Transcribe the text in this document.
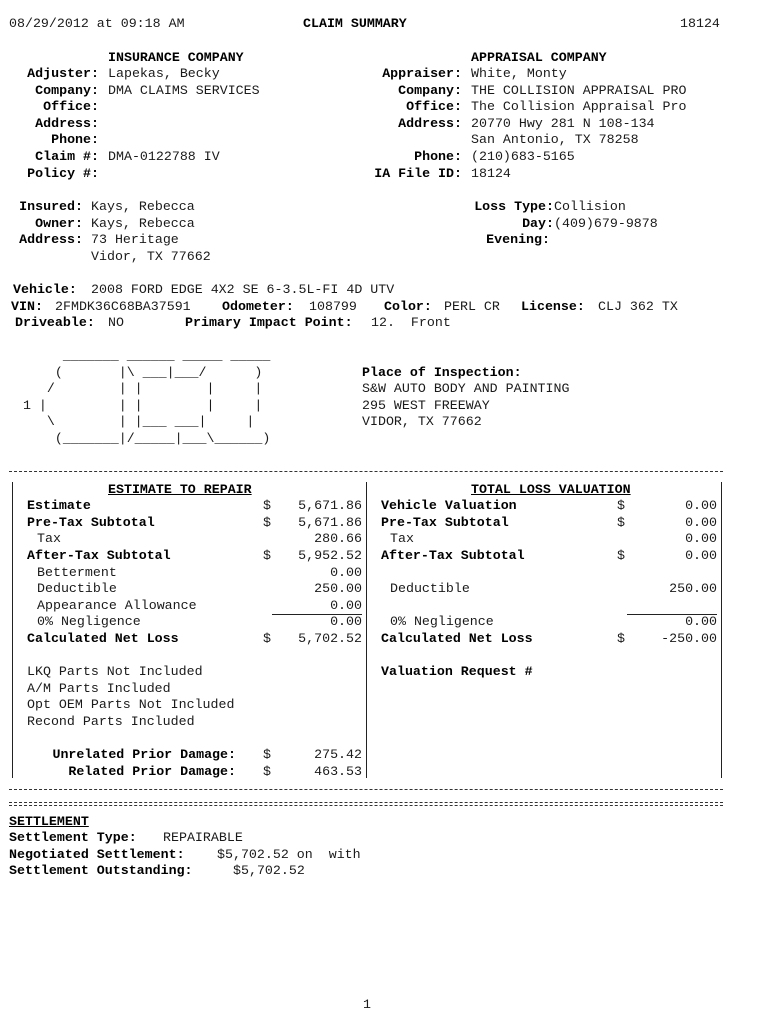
08/29/2012 at 09:18 AM	CLAIM SUMMARY	18124
INSURANCE COMPANY
Adjuster: Lapekas, Becky
Company: DMA CLAIMS SERVICES
Office:
Address:
Phone:
Claim #: DMA-0122788 IV
Policy #:
APPRAISAL COMPANY
Appraiser: White, Monty
Company: THE COLLISION APPRAISAL PRO
Office: The Collision Appraisal Pro
Address: 20770 Hwy 281 N 108-134
San Antonio, TX 78258
Phone: (210)683-5165
IA File ID: 18124
Insured: Kays, Rebecca
Owner: Kays, Rebecca
Address: 73 Heritage
Vidor, TX 77662
Loss Type: Collision
Day: (409)679-9878
Evening:
Vehicle: 2008 FORD EDGE 4X2 SE 6-3.5L-FI 4D UTV
VIN: 2FMDK36C68BA37591 Odometer: 108799 Color: PERL CR License: CLJ 362 TX
Driveable: NO	Primary Impact Point: 12.  Front
_______ ______ _____ _____
(       |\ ___|___/      )
/        | |        |     |
1 |         | |        |     |
\        | |___ ___|     |
(_______|/_____|___\______)
Place of Inspection:
S&W AUTO BODY AND PAINTING
295 WEST FREEWAY
VIDOR, TX 77662
ESTIMATE TO REPAIR
Estimate	$	5,671.86
Pre-Tax Subtotal	$	5,671.86
Tax	280.66
After-Tax Subtotal	$	5,952.52
Betterment	0.00
Deductible	250.00
Appearance Allowance	0.00
0% Negligence	0.00
Calculated Net Loss	$	5,702.52
LKQ Parts Not Included
A/M Parts Included
Opt OEM Parts Not Included
Recond Parts Included
Unrelated Prior Damage: $	275.42
Related Prior Damage: $	463.53
TOTAL LOSS VALUATION
Vehicle Valuation	$	0.00
Pre-Tax Subtotal	$	0.00
Tax	0.00
After-Tax Subtotal	$	0.00
Deductible	250.00
0% Negligence	0.00
Calculated Net Loss	$	-250.00
Valuation Request #
SETTLEMENT
Settlement Type: REPAIRABLE
Negotiated Settlement: $5,702.52 on  with
Settlement Outstanding:	$5,702.52
1
